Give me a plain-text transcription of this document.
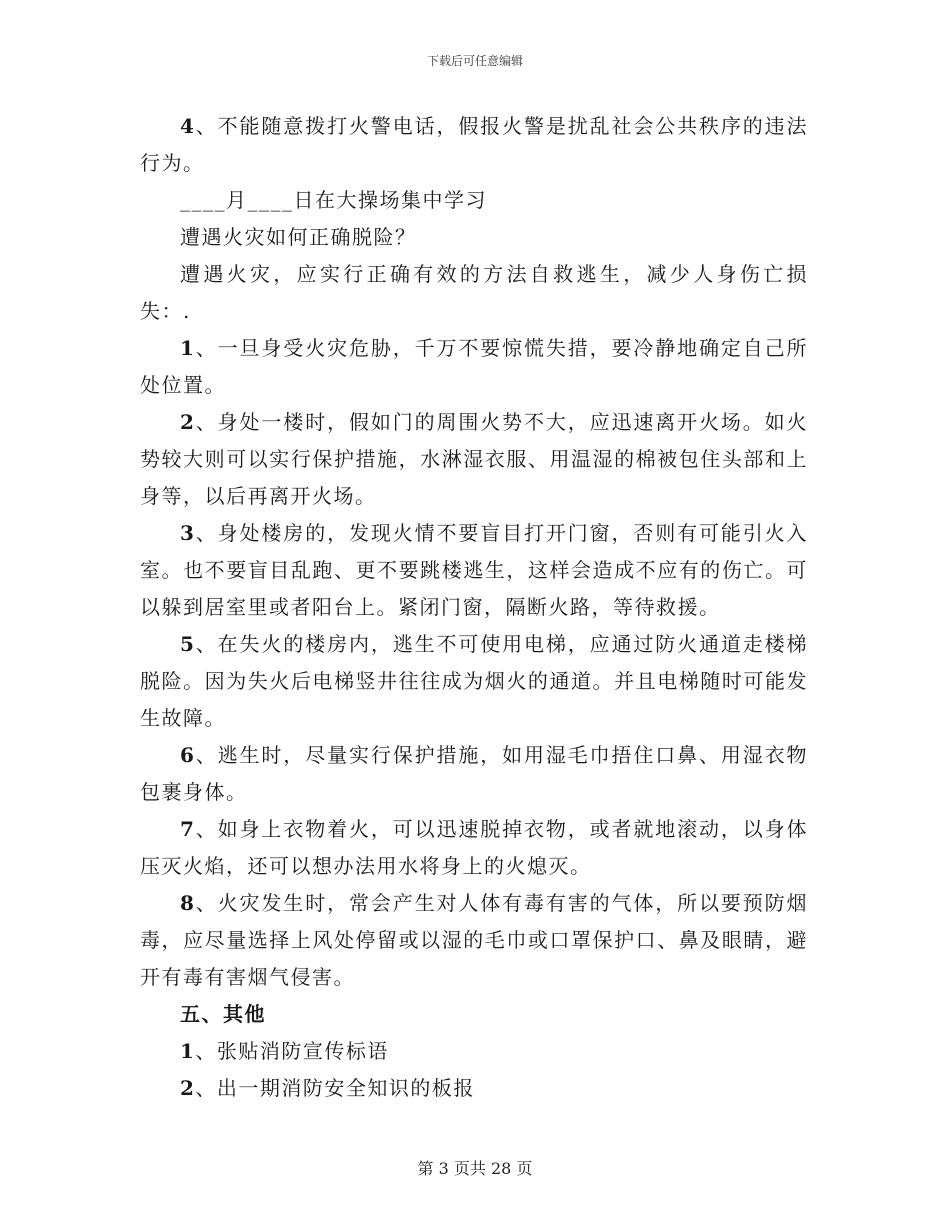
下载后可任意编辑

4、不能随意拨打火警电话，假报火警是扰乱社会公共秩序的违法行为。

____月____日在大操场集中学习

遭遇火灾如何正确脱险？

遭遇火灾，应实行正确有效的方法自救逃生，减少人身伤亡损失：.

1、一旦身受火灾危胁，千万不要惊慌失措，要冷静地确定自己所处位置。

2、身处一楼时，假如门的周围火势不大，应迅速离开火场。如火势较大则可以实行保护措施，水淋湿衣服、用温湿的棉被包住头部和上身等，以后再离开火场。

3、身处楼房的，发现火情不要盲目打开门窗，否则有可能引火入室。也不要盲目乱跑、更不要跳楼逃生，这样会造成不应有的伤亡。可以躲到居室里或者阳台上。紧闭门窗，隔断火路，等待救援。

5、在失火的楼房内，逃生不可使用电梯，应通过防火通道走楼梯脱险。因为失火后电梯竖井往往成为烟火的通道。并且电梯随时可能发生故障。

6、逃生时，尽量实行保护措施，如用湿毛巾捂住口鼻、用湿衣物包裹身体。

7、如身上衣物着火，可以迅速脱掉衣物，或者就地滚动，以身体压灭火焰，还可以想办法用水将身上的火熄灭。

8、火灾发生时，常会产生对人体有毒有害的气体，所以要预防烟毒，应尽量选择上风处停留或以湿的毛巾或口罩保护口、鼻及眼睛，避开有毒有害烟气侵害。

五、其他

1、张贴消防宣传标语

2、出一期消防安全知识的板报

第 3 页共 28 页
